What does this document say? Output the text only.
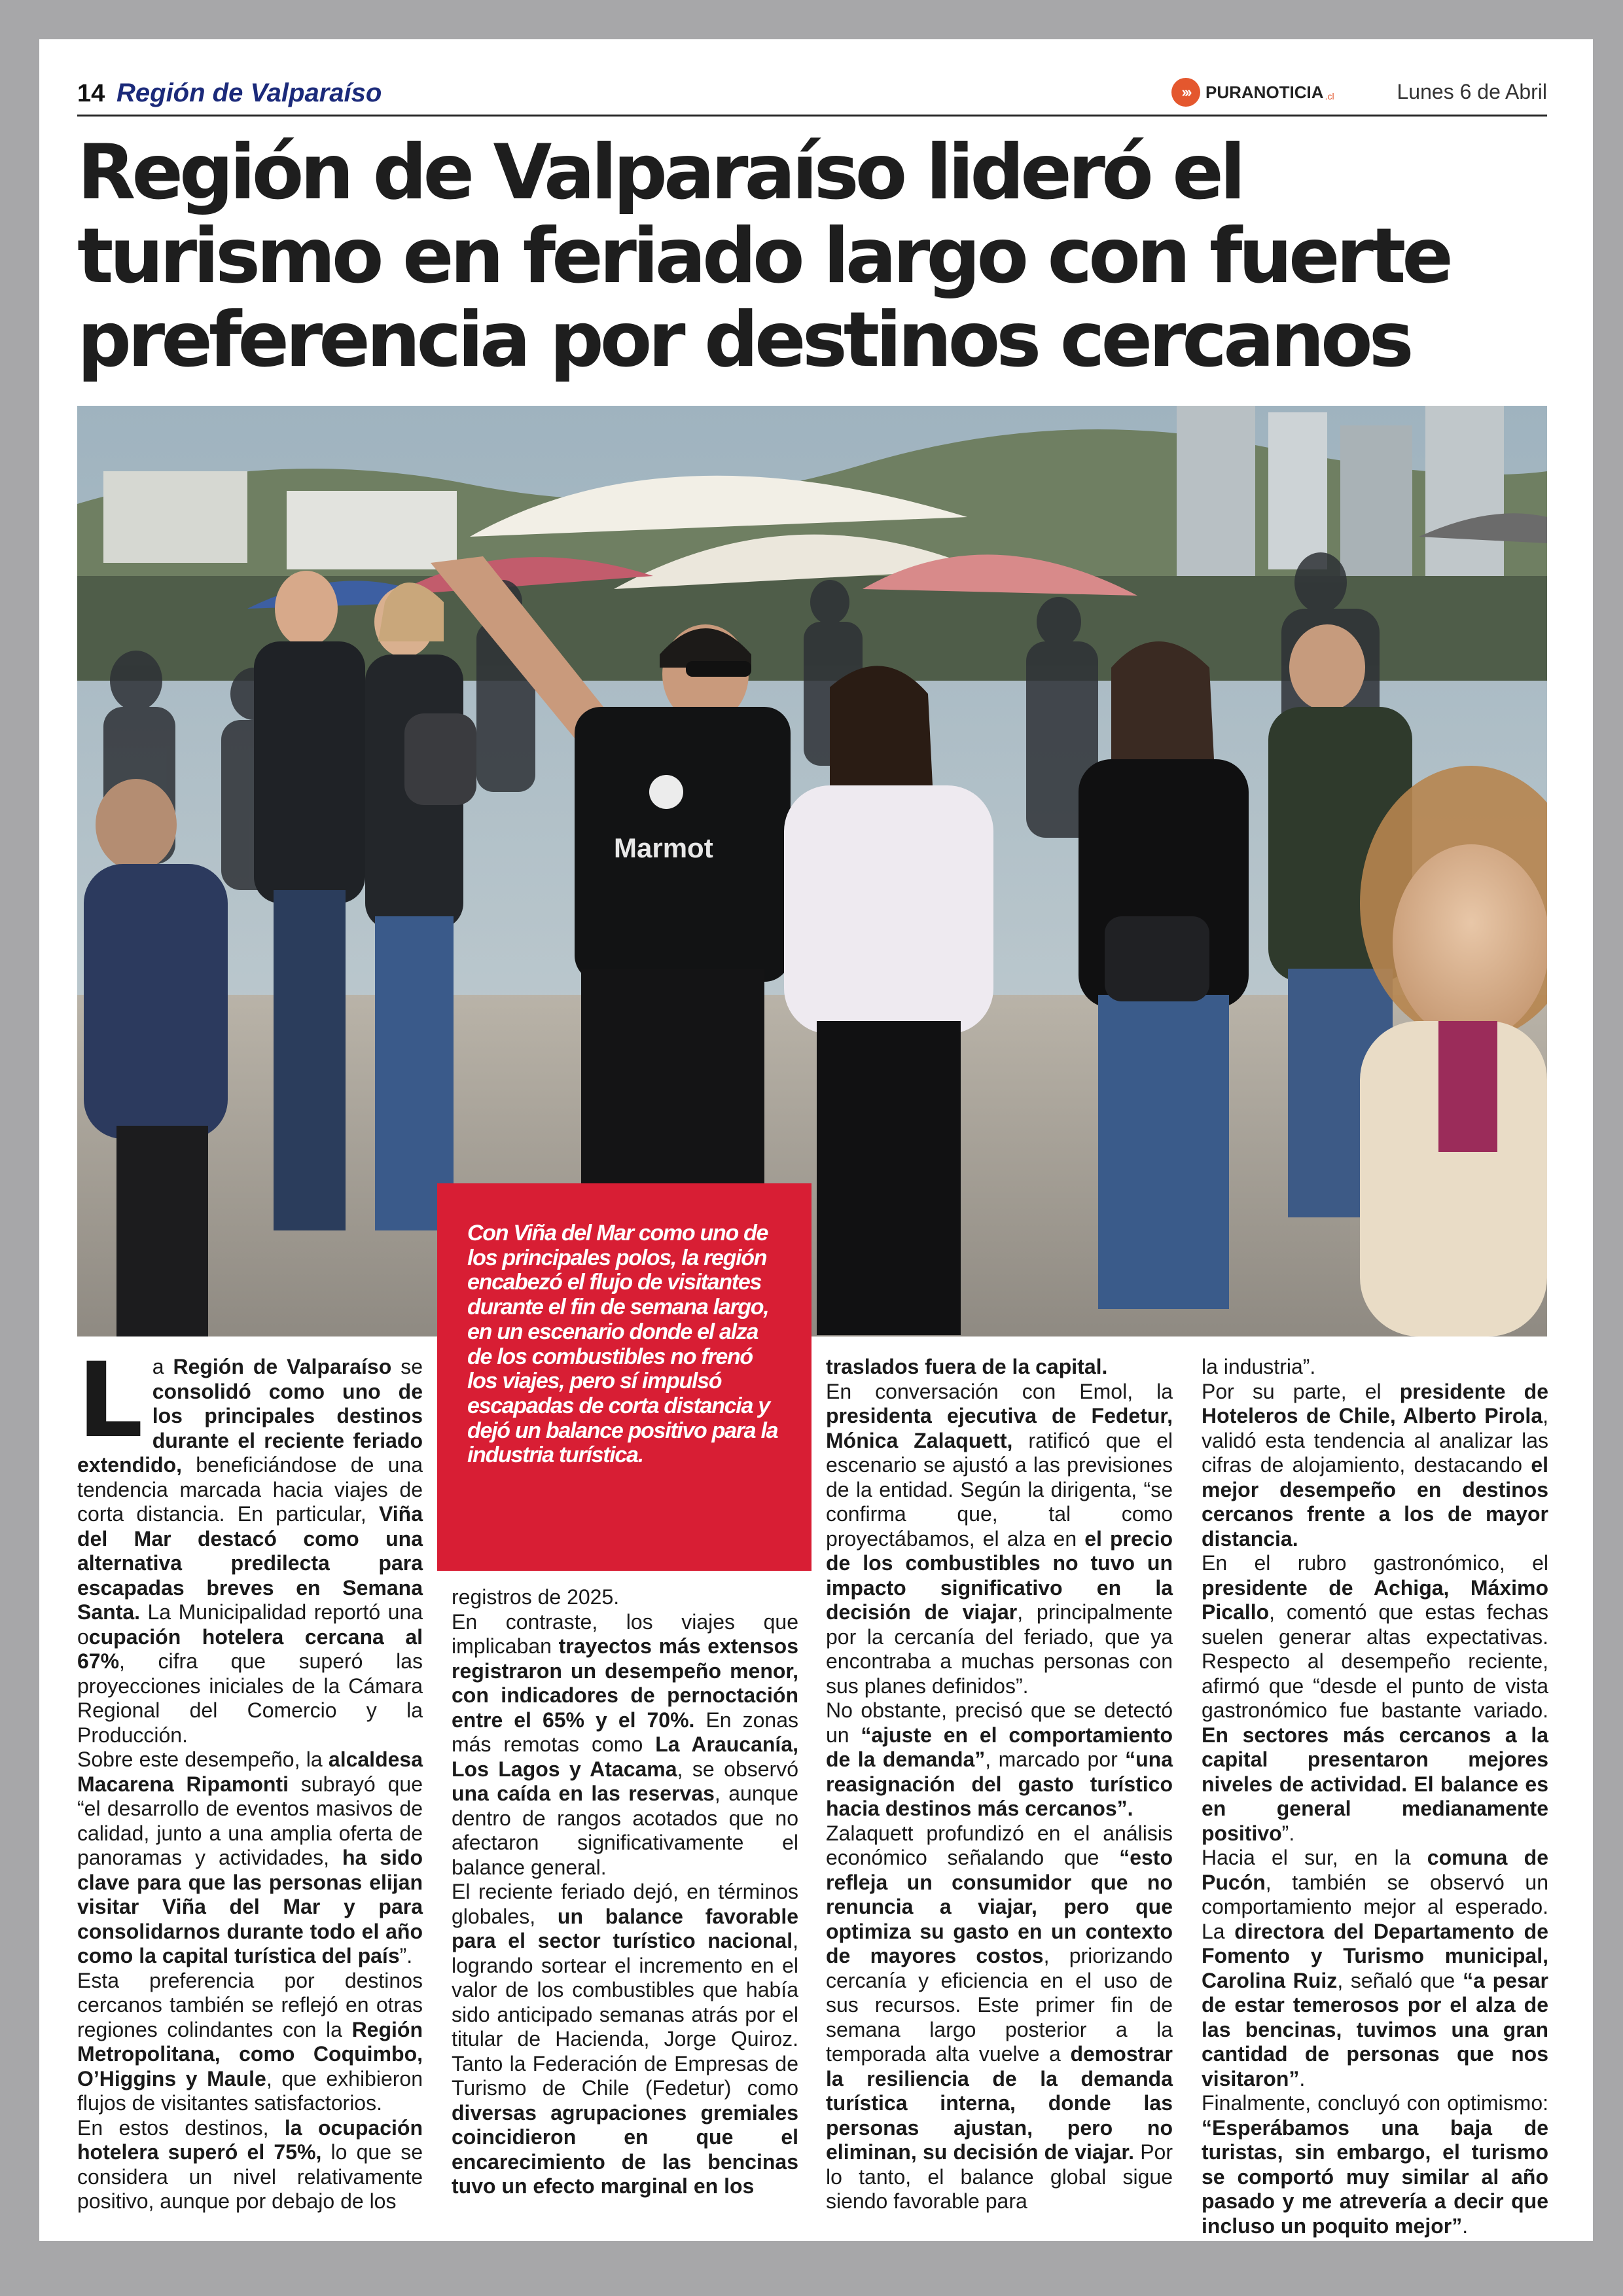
14 Región de Valparaíso	››› PURANOTICIA .cl	Lunes 6 de Abril
Región de Valparaíso lideró el turismo en feriado largo con fuerte preferencia por destinos cercanos
Marmot

Con Viña del Mar como uno de los principales polos, la región encabezó el flujo de visitantes durante el fin de semana largo, en un escenario donde el alza de los combustibles no frenó los viajes, pero sí impulsó escapadas de corta distancia y dejó un balance positivo para la industria turística.

L a Región de Valparaíso se consolidó como uno de los principales destinos durante el reciente feriado extendido, beneficiándose de una tendencia marcada hacia viajes de corta distancia. En particular, Viña del Mar destacó como una alternativa predilecta para escapadas breves en Semana Santa. La Municipalidad reportó una ocupación hotelera cercana al 67%, cifra que superó las proyecciones iniciales de la Cámara Regional del Comercio y la Producción.

Sobre este desempeño, la alcaldesa Macarena Ripamonti subrayó que “el desarrollo de eventos masivos de calidad, junto a una amplia oferta de panoramas y actividades, ha sido clave para que las personas elijan visitar Viña del Mar y para consolidarnos durante todo el año como la capital turística del país”.

Esta preferencia por destinos cercanos también se reflejó en otras regiones colindantes con la Región Metropolitana, como Coquimbo, O’Higgins y Maule, que exhibieron flujos de visitantes satisfactorios.

En estos destinos, la ocupación hotelera superó el 75%, lo que se considera un nivel relativamente positivo, aunque por debajo de los

registros de 2025.

En contraste, los viajes que implicaban trayectos más extensos registraron un desempeño menor, con indicadores de pernoctación entre el 65% y el 70%. En zonas más remotas como La Araucanía, Los Lagos y Atacama, se observó una caída en las reservas, aunque dentro de rangos acotados que no afectaron significativamente el balance general.

El reciente feriado dejó, en términos globales, un balance favorable para el sector turístico nacional, logrando sortear el incremento en el valor de los combustibles que había sido anticipado semanas atrás por el titular de Hacienda, Jorge Quiroz. Tanto la Federación de Empresas de Turismo de Chile (Fedetur) como diversas agrupaciones gremiales coincidieron en que el encarecimiento de las bencinas tuvo un efecto marginal en los

traslados fuera de la capital.

En conversación con Emol, la presidenta ejecutiva de Fedetur, Mónica Zalaquett, ratificó que el escenario se ajustó a las previsiones de la entidad. Según la dirigenta, “se confirma que, tal como proyectábamos, el alza en el precio de los combustibles no tuvo un impacto significativo en la decisión de viajar, principalmente por la cercanía del feriado, que ya encontraba a muchas personas con sus planes definidos”.

No obstante, precisó que se detectó un “ajuste en el comportamiento de la demanda”, marcado por “una reasignación del gasto turístico hacia destinos más cercanos”.

Zalaquett profundizó en el análisis económico señalando que “esto refleja un consumidor que no renuncia a viajar, pero que optimiza su gasto en un contexto de mayores costos, priorizando cercanía y eficiencia en el uso de sus recursos. Este primer fin de semana largo posterior a la temporada alta vuelve a demostrar la resiliencia de la demanda turística interna, donde las personas ajustan, pero no eliminan, su decisión de viajar. Por lo tanto, el balance global sigue siendo favorable para

la industria”.

Por su parte, el presidente de Hoteleros de Chile, Alberto Pirola, validó esta tendencia al analizar las cifras de alojamiento, destacando el mejor desempeño en destinos cercanos frente a los de mayor distancia.

En el rubro gastronómico, el presidente de Achiga, Máximo Picallo, comentó que estas fechas suelen generar altas expectativas. Respecto al desempeño reciente, afirmó que “desde el punto de vista gastronómico fue bastante variado. En sectores más cercanos a la capital presentaron mejores niveles de actividad. El balance es en general medianamente positivo”.

Hacia el sur, en la comuna de Pucón, también se observó un comportamiento mejor al esperado. La directora del Departamento de Fomento y Turismo municipal, Carolina Ruiz, señaló que “a pesar de estar temerosos por el alza de las bencinas, tuvimos una gran cantidad de personas que nos visitaron”.

Finalmente, concluyó con optimismo: “Esperábamos una baja de turistas, sin embargo, el turismo se comportó muy similar al año pasado y me atrevería a decir que incluso un poquito mejor”.
